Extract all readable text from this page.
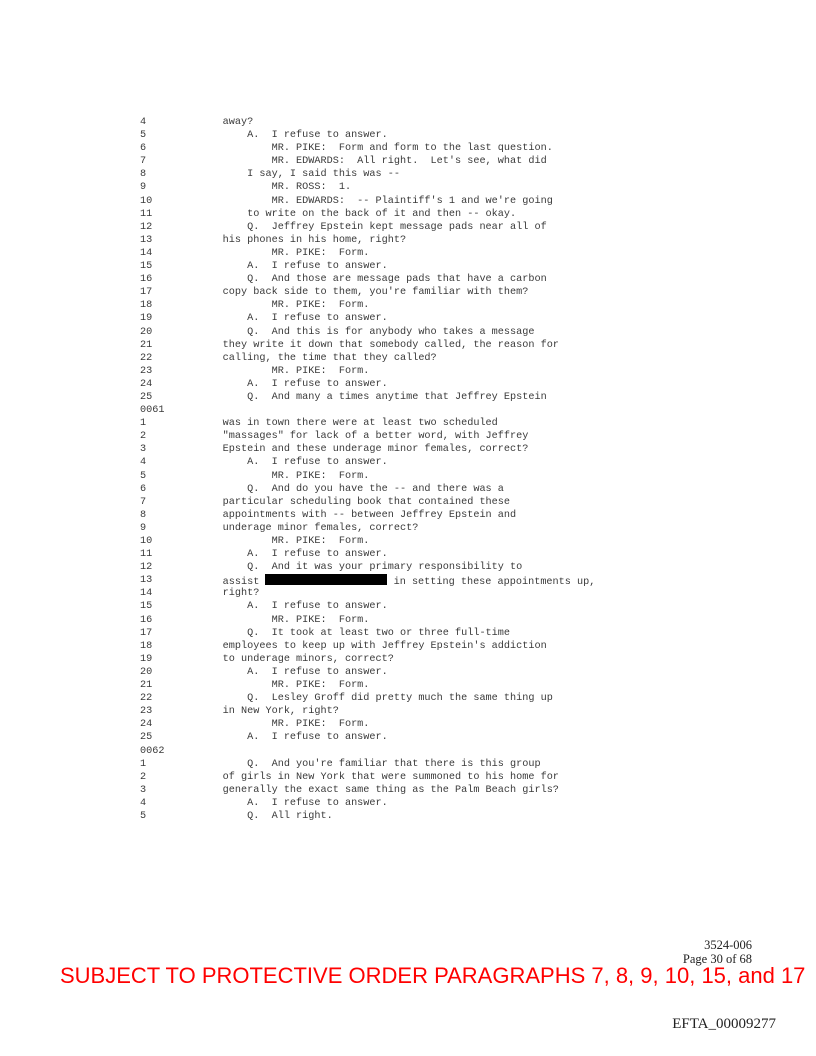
4	away?
5	A.  I refuse to answer.
6	MR. PIKE:  Form and form to the last question.
7	MR. EDWARDS:  All right.  Let's see, what did
8	I say, I said this was --
9	MR. ROSS:  1.
10	MR. EDWARDS:  -- Plaintiff's 1 and we're going
11	to write on the back of it and then -- okay.
12	Q.  Jeffrey Epstein kept message pads near all of
13	his phones in his home, right?
14	MR. PIKE:  Form.
15	A.  I refuse to answer.
16	Q.  And those are message pads that have a carbon
17	copy back side to them, you're familiar with them?
18	MR. PIKE:  Form.
19	A.  I refuse to answer.
20	Q.  And this is for anybody who takes a message
21	they write it down that somebody called, the reason for
22	calling, the time that they called?
23	MR. PIKE:  Form.
24	A.  I refuse to answer.
25	Q.  And many a times anytime that Jeffrey Epstein
0061
1	was in town there were at least two scheduled
2	"massages" for lack of a better word, with Jeffrey
3	Epstein and these underage minor females, correct?
4	A.  I refuse to answer.
5	MR. PIKE:  Form.
6	Q.  And do you have the -- and there was a
7	particular scheduling book that contained these
8	appointments with -- between Jeffrey Epstein and
9	underage minor females, correct?
10	MR. PIKE:  Form.
11	A.  I refuse to answer.
12	Q.  And it was your primary responsibility to
13	assist	in setting these appointments up,
14	right?
15	A.  I refuse to answer.
16	MR. PIKE:  Form.
17	Q.  It took at least two or three full-time
18	employees to keep up with Jeffrey Epstein's addiction
19	to underage minors, correct?
20	A.  I refuse to answer.
21	MR. PIKE:  Form.
22	Q.  Lesley Groff did pretty much the same thing up
23	in New York, right?
24	MR. PIKE:  Form.
25	A.  I refuse to answer.
0062
1	Q.  And you're familiar that there is this group
2	of girls in New York that were summoned to his home for
3	generally the exact same thing as the Palm Beach girls?
4	A.  I refuse to answer.
5	Q.  All right.
3524-006
Page 30 of 68
SUBJECT TO PROTECTIVE ORDER PARAGRAPHS 7, 8, 9, 10, 15, and 17
EFTA_00009277
